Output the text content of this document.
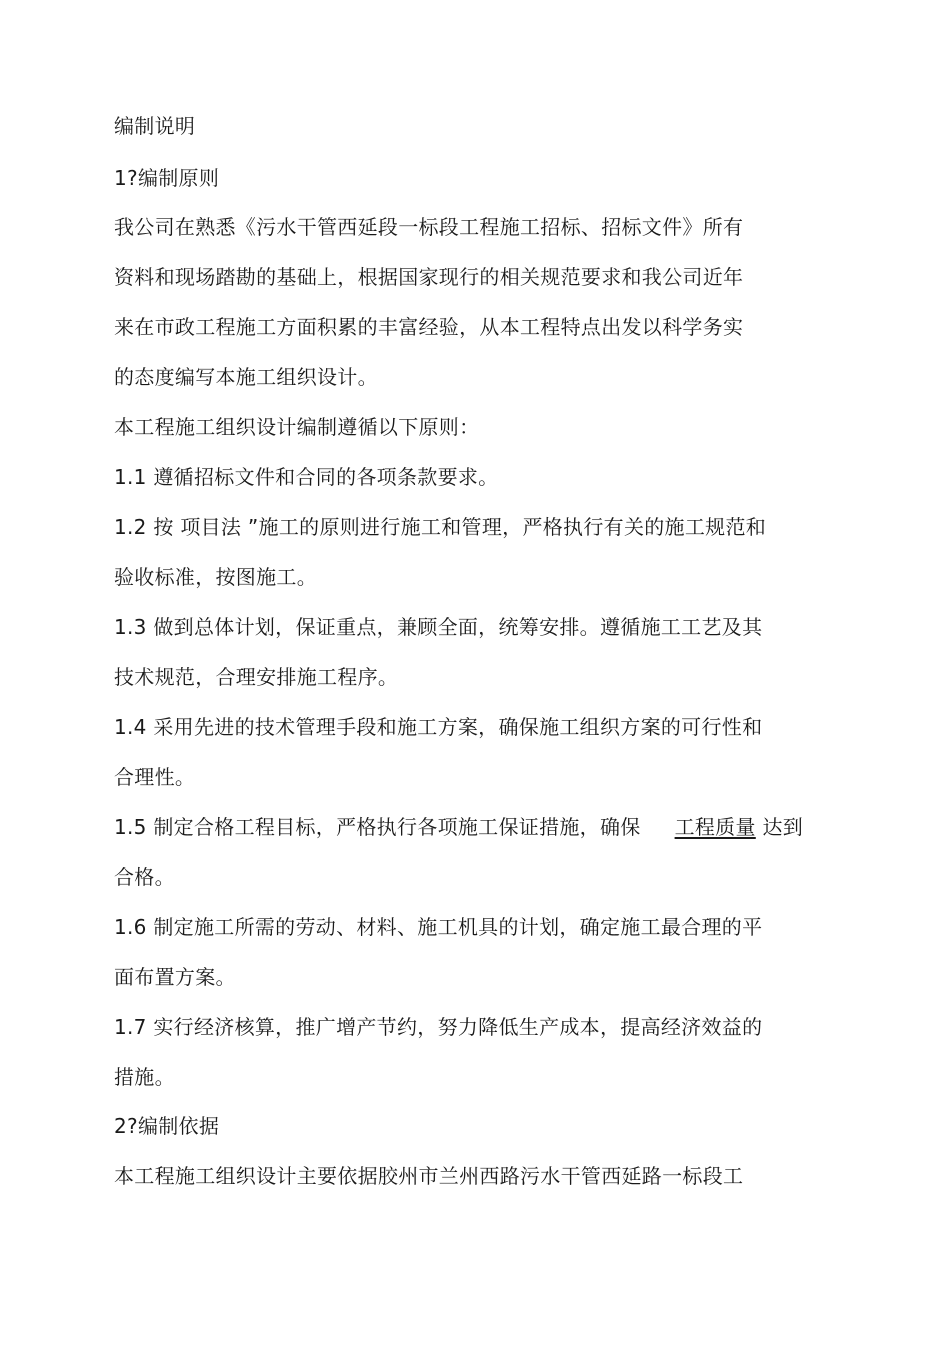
编制说明
1?编制原则
我公司在熟悉《污水干管西延段一标段工程施工招标、招标文件》所有
资料和现场踏勘的基础上，根据国家现行的相关规范要求和我公司近年
来在市政工程施工方面积累的丰富经验，从本工程特点出发以科学务实
的态度编写本施工组织设计。
本工程施工组织设计编制遵循以下原则：
1.1 遵循招标文件和合同的各项条款要求。
1.2 按 项目法 ”施工的原则进行施工和管理，严格执行有关的施工规范和
验收标准，按图施工。
1.3 做到总体计划，保证重点，兼顾全面，统筹安排。遵循施工工艺及其
技术规范，合理安排施工程序。
1.4 采用先进的技术管理手段和施工方案，确保施工组织方案的可行性和
合理性。
1.5 制定合格工程目标，严格执行各项施工保证措施，确保 工程质量 达到
合格。
1.6 制定施工所需的劳动、材料、施工机具的计划，确定施工最合理的平
面布置方案。
1.7 实行经济核算，推广增产节约，努力降低生产成本，提高经济效益的
措施。
2?编制依据
本工程施工组织设计主要依据胶州市兰州西路污水干管西延路一标段工
